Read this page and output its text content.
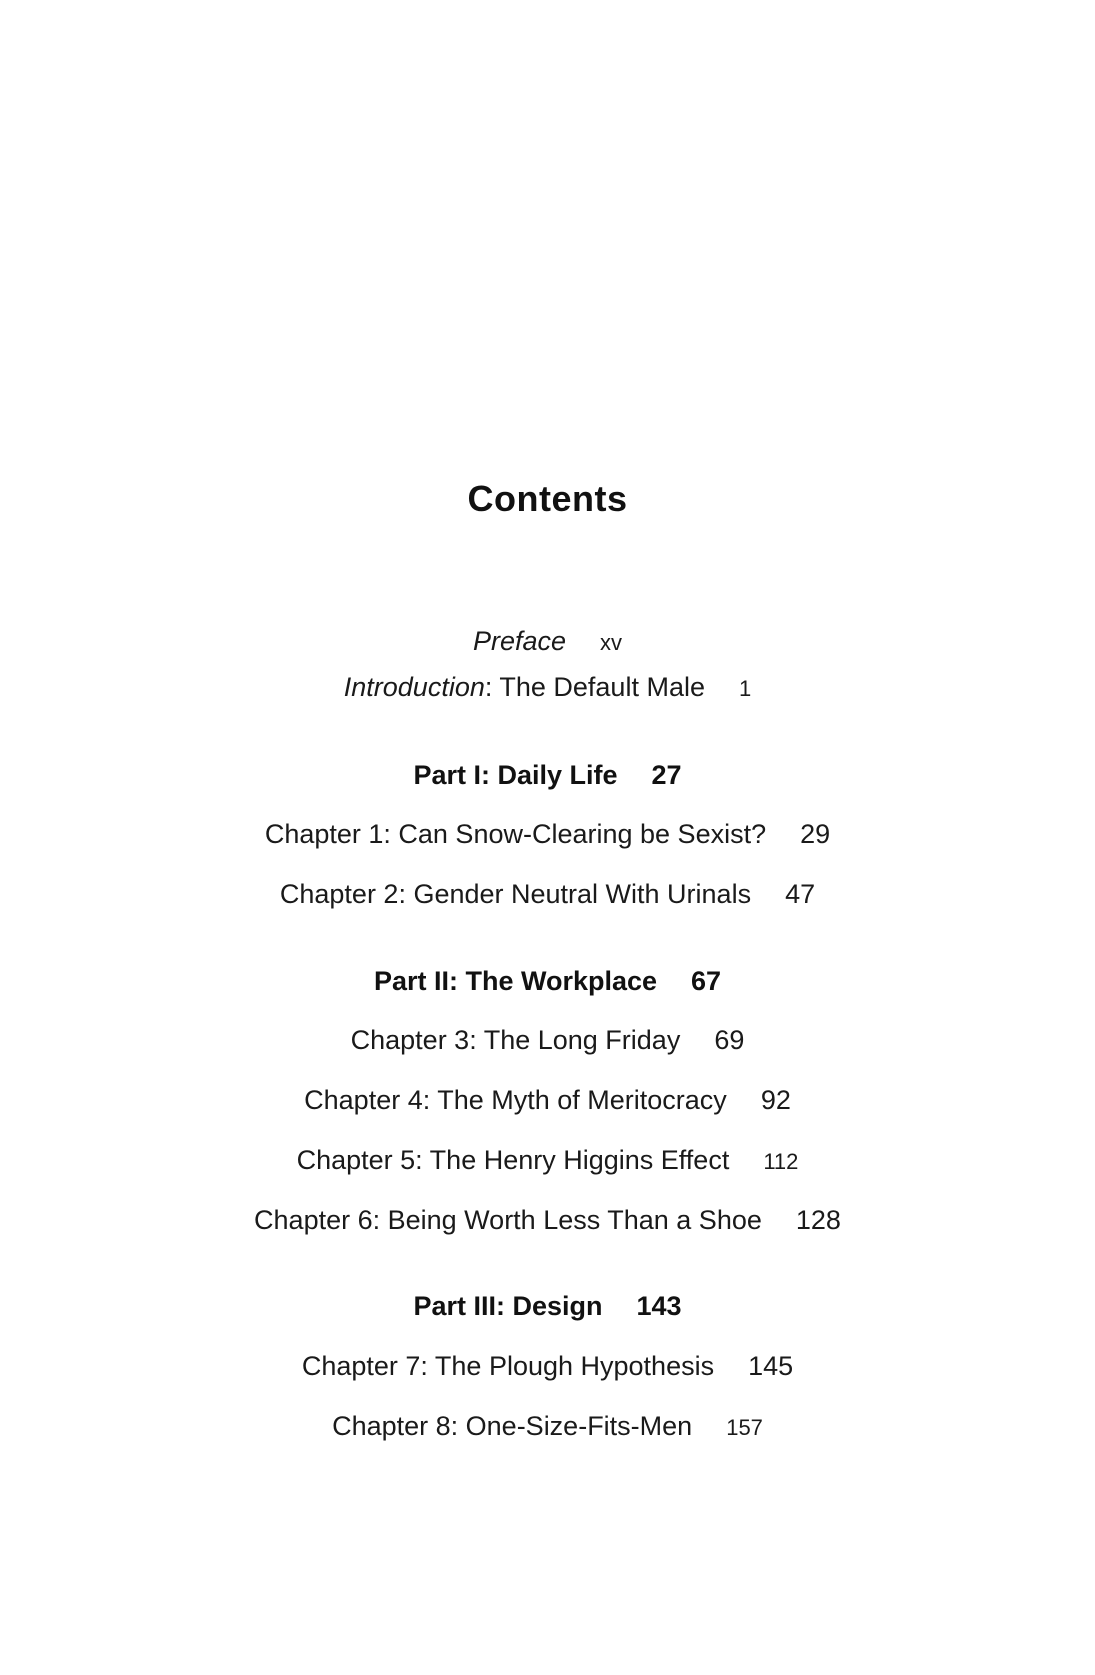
Contents
Preface xv
Introduction: The Default Male 1
Part I: Daily Life 27
Chapter 1: Can Snow-Clearing be Sexist? 29
Chapter 2: Gender Neutral With Urinals 47
Part II: The Workplace 67
Chapter 3: The Long Friday 69
Chapter 4: The Myth of Meritocracy 92
Chapter 5: The Henry Higgins Effect 112
Chapter 6: Being Worth Less Than a Shoe 128
Part III: Design 143
Chapter 7: The Plough Hypothesis 145
Chapter 8: One-Size-Fits-Men 157
